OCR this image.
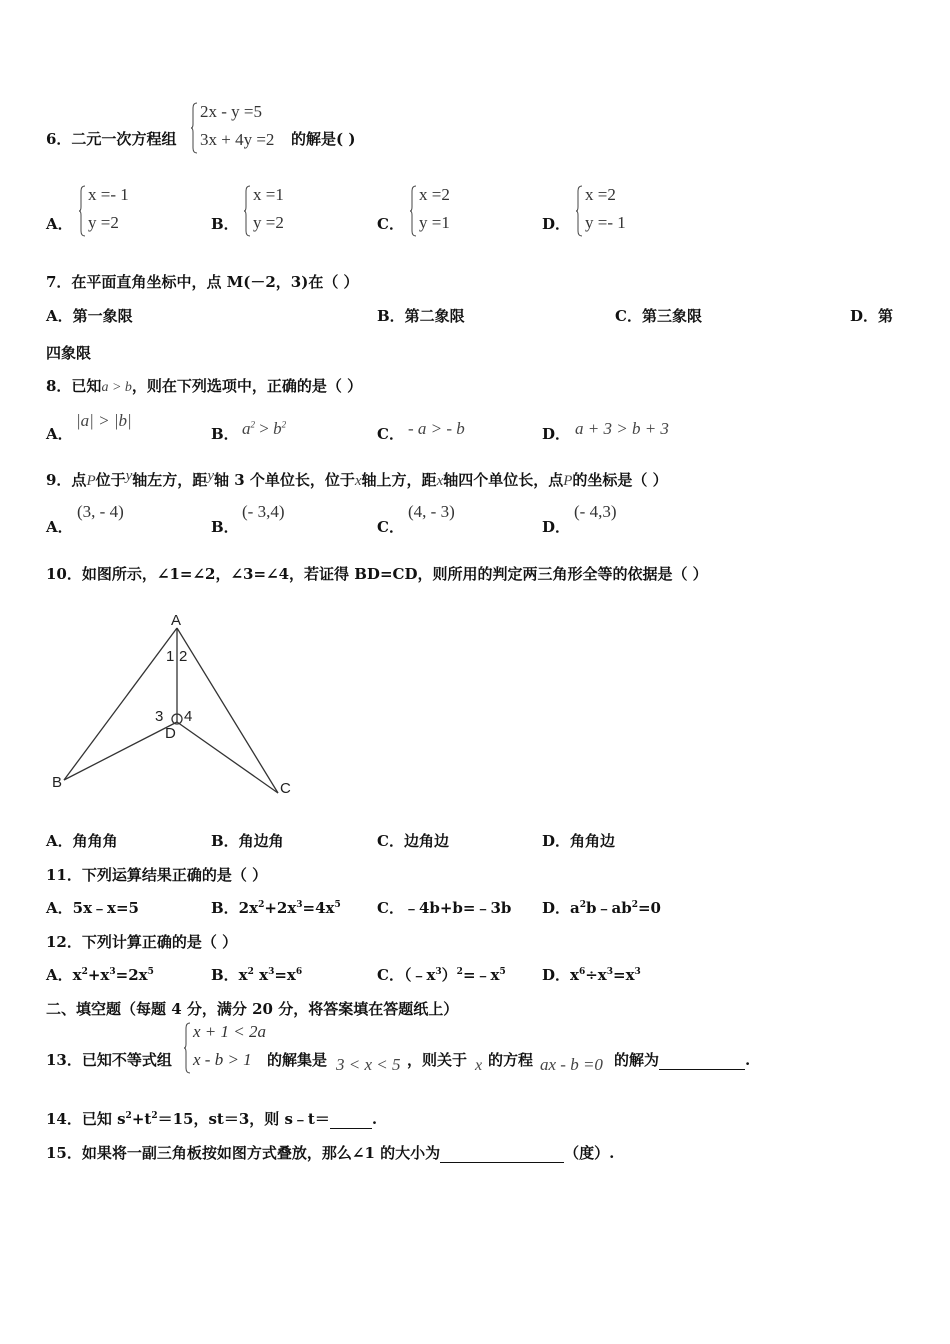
6．二元一次方程组
2x - y =5
3x + 4y =2 的解是( )
A．
x =- 1
y =2	B．
x =1
y =2	C．
x =2
y =1	D．
x =2
y =- 1
7．在平面直角坐标中，点 M(－2，3)在（ ）
A．第一象限	B．第二象限	C．第三象限	D．第
四象限
8．已知a > b，则在下列选项中，正确的是（ ）
A．
|a| > |b|
B． $a^2 > b^2$
C． - a > - b	D． a + 3 > b + 3
9．点P位于y轴左方，距y轴 3 个单位长，位于x轴上方，距x轴四个单位长，点P的坐标是（ ）
A．
(3, - 4)
B．
(- 3,4)
C．
(4, - 3)
D．
(- 4,3)
10．如图所示，∠1=∠2，∠3=∠4，若证得 BD=CD，则所用的判定两三角形全等的依据是（ ）
A
B	C
D
1 2
3 4
A．角角角	B．角边角	C．边角边	D．角角边
11．下列运算结果正确的是（ ）
A．5x﹣x=5	B．$2x^2+2x^3=4x^5$ C．﹣4b+b=﹣3b D．$a^2b﹣ab^2=0$
12．下列计算正确的是（ ）
A．$x^2+x^3=2x^5$	B．$x^2$ $x^3=x^6$	C．$(﹣x^3)^2=﹣x^5$ D．$x^6\div x^3=x^3$
二、填空题（每题 4 分，满分 20 分，将答案填在答题纸上）
13．已知不等式组
x + 1 < 2a
x - b > 1 的解集是 3 < x < 5 ，则关于 x 的方程 ax - b =0 的解为	.
14．已知 $s^2+t^2=15$，st＝3，则 s﹣t＝	.
15．如果将一副三角板按如图方式叠放，那么∠1 的大小为	（度）.
